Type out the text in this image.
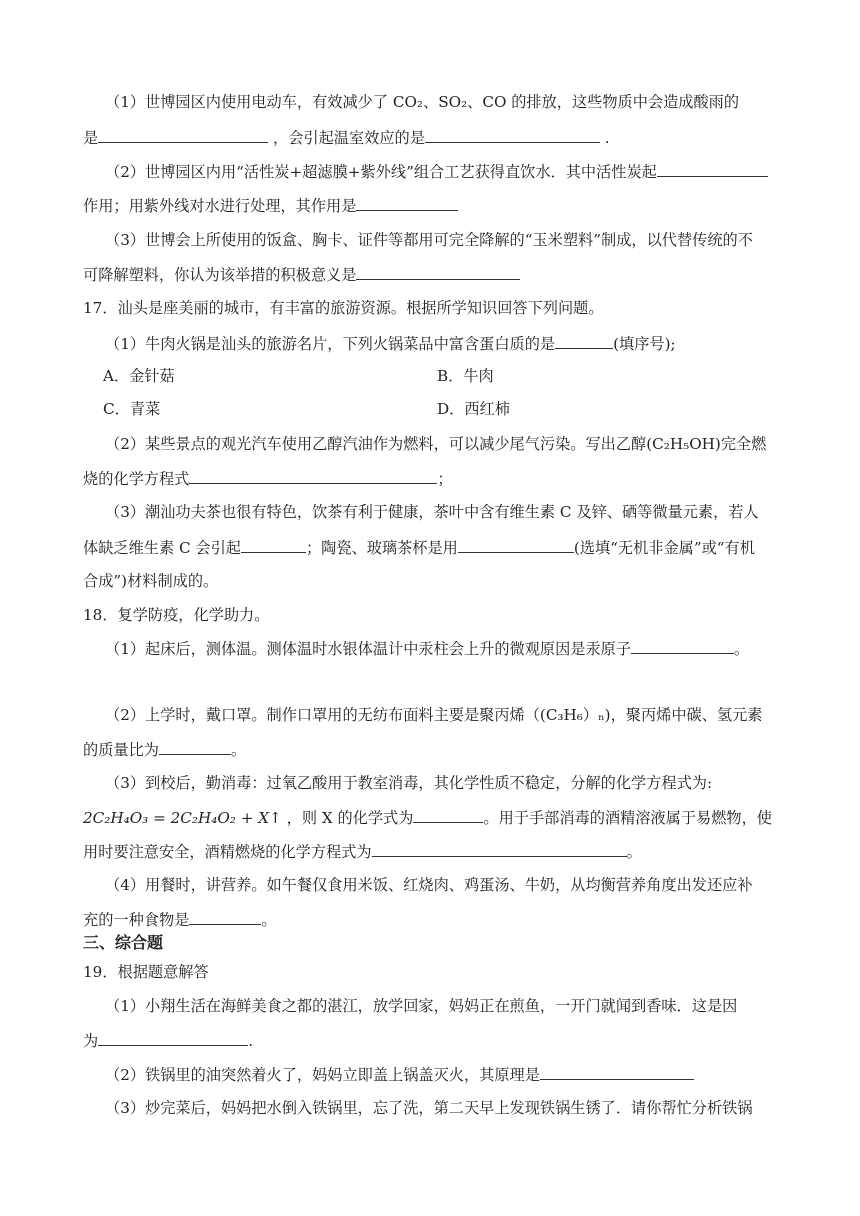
（1）世博园区内使用电动车，有效减少了 CO₂、SO₂、CO 的排放，这些物质中会造成酸雨的
是	，会引起温室效应的是	.
（2）世博园区内用“活性炭+超滤膜+紫外线”组合工艺获得直饮水．其中活性炭起
作用；用紫外线对水进行处理，其作用是
（3）世博会上所使用的饭盒、胸卡、证件等都用可完全降解的“玉米塑料”制成，以代替传统的不
可降解塑料，你认为该举措的积极意义是
17．汕头是座美丽的城市，有丰富的旅游资源。根据所学知识回答下列问题。
（1）牛肉火锅是汕头的旅游名片，下列火锅菜品中富含蛋白质的是	(填序号);
A．金针菇	B．牛肉
C．青菜	D．西红柿
（2）某些景点的观光汽车使用乙醇汽油作为燃料，可以减少尾气污染。写出乙醇(C₂H₅OH)完全燃
烧的化学方程式	；
（3）潮汕功夫茶也很有特色，饮茶有利于健康，茶叶中含有维生素 C 及锌、硒等微量元素，若人
体缺乏维生素 C 会引起	；陶瓷、玻璃茶杯是用	(选填“无机非金属”或“有机
合成”)材料制成的。
18．复学防疫，化学助力。
（1）起床后，测体温。测体温时水银体温计中汞柱会上升的微观原因是汞原子	。
（2）上学时，戴口罩。制作口罩用的无纺布面料主要是聚丙烯（(C₃H₆）ₙ)，聚丙烯中碳、氢元素
的质量比为	。
（3）到校后，勤消毒：过氧乙酸用于教室消毒，其化学性质不稳定，分解的化学方程式为:
2C₂H₄O₃ = 2C₂H₄O₂ + X↑ ，则 X 的化学式为	。用于手部消毒的酒精溶液属于易燃物，使
用时要注意安全，酒精燃烧的化学方程式为	。
（4）用餐时，讲营养。如午餐仅食用米饭、红烧肉、鸡蛋汤、牛奶，从均衡营养角度出发还应补
充的一种食物是	。
三、综合题
19．根据题意解答
（1）小翔生活在海鲜美食之都的湛江，放学回家，妈妈正在煎鱼，一开门就闻到香味．这是因
为	.
（2）铁锅里的油突然着火了，妈妈立即盖上锅盖灭火，其原理是
（3）炒完菜后，妈妈把水倒入铁锅里，忘了洗，第二天早上发现铁锅生锈了．请你帮忙分析铁锅
